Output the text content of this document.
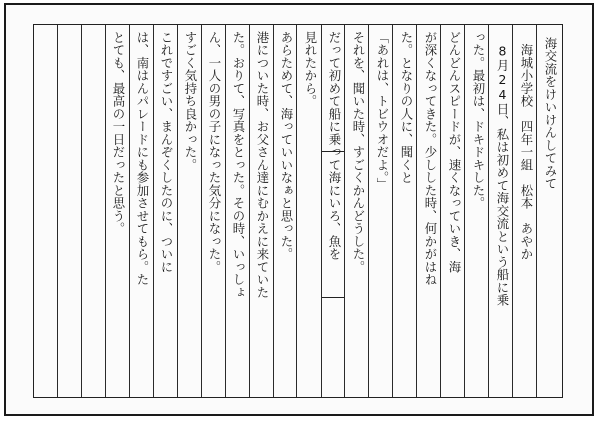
海交流をけいけんしてみて
　海城小学校　四年一組　松本　あやか
　8月24日、私は初めて海交流という船に乗
った。最初は、ドキドキした。
どんどんスピードが、速くなっていき、海
が深くなってきた。少しした時、何かがはね
た。となりの人に、聞くと
「あれは、トビウオだよ。」
それを、聞いた時、すごくかんどうした。
だって初めて船に乗って海にいろ、魚を
見れたから。
あらためて、海っていいなぁと思った。
港についた時、お父さん達にむかえに来ていた
た。おりて、写真をとった。その時、いっしょ
ん、一人の男の子になった気分になった。
すごく気持ち良かった。
これですごい、まんぞくしたのに、ついに
は、南はんパレードにも参加させてもら。た
とても、最高の一日だったと思う。
